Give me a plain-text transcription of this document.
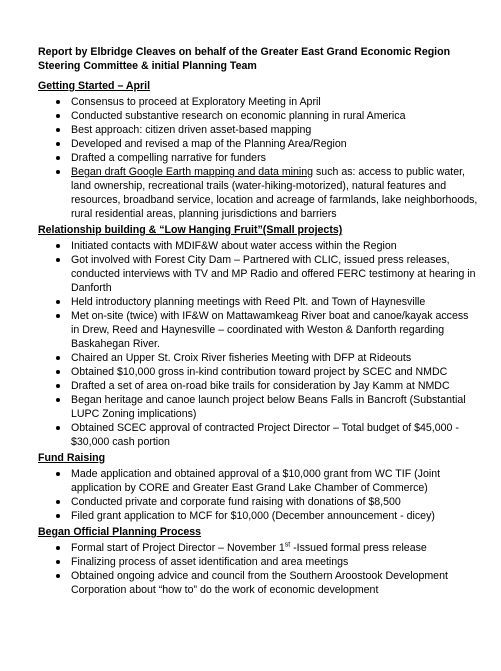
Report by Elbridge Cleaves on behalf of the Greater East Grand Economic Region
Steering Committee & initial Planning Team
Getting Started – April
Consensus to proceed at Exploratory Meeting in April
Conducted substantive research on economic planning in rural America
Best approach: citizen driven asset-based mapping
Developed and revised a map of the Planning Area/Region
Drafted a compelling narrative for funders
Began draft Google Earth mapping and data mining such as: access to public water, land ownership, recreational trails (water-hiking-motorized), natural features and resources, broadband service, location and acreage of farmlands, lake neighborhoods, rural residential areas, planning jurisdictions and barriers
Relationship building & “Low Hanging Fruit”(Small projects)
Initiated contacts with MDIF&W about water access within the Region
Got involved with Forest City Dam – Partnered with CLIC, issued press releases, conducted interviews with TV and MP Radio and offered FERC testimony at hearing in Danforth
Held introductory planning meetings with Reed Plt. and Town of Haynesville
Met on-site (twice) with IF&W on Mattawamkeag River boat and canoe/kayak access in Drew, Reed and Haynesville – coordinated with Weston & Danforth regarding Baskahegan River.
Chaired an Upper St. Croix River fisheries Meeting with DFP at Rideouts
Obtained $10,000 gross in-kind contribution toward project by SCEC and NMDC
Drafted a set of area on-road bike trails for consideration by Jay Kamm at NMDC
Began heritage and canoe launch project below Beans Falls in Bancroft (Substantial LUPC Zoning implications)
Obtained SCEC approval of contracted Project Director – Total budget of $45,000 - $30,000 cash portion
Fund Raising
Made application and obtained approval of a $10,000 grant from WC TIF (Joint application by CORE and Greater East Grand Lake Chamber of Commerce)
Conducted private and corporate fund raising with donations of $8,500
Filed grant application to MCF for $10,000 (December announcement - dicey)
Began Official Planning Process
Formal start of Project Director – November 1st -Issued formal press release
Finalizing process of asset identification and area meetings
Obtained ongoing advice and council from the Southern Aroostook Development Corporation about “how to” do the work of economic development
